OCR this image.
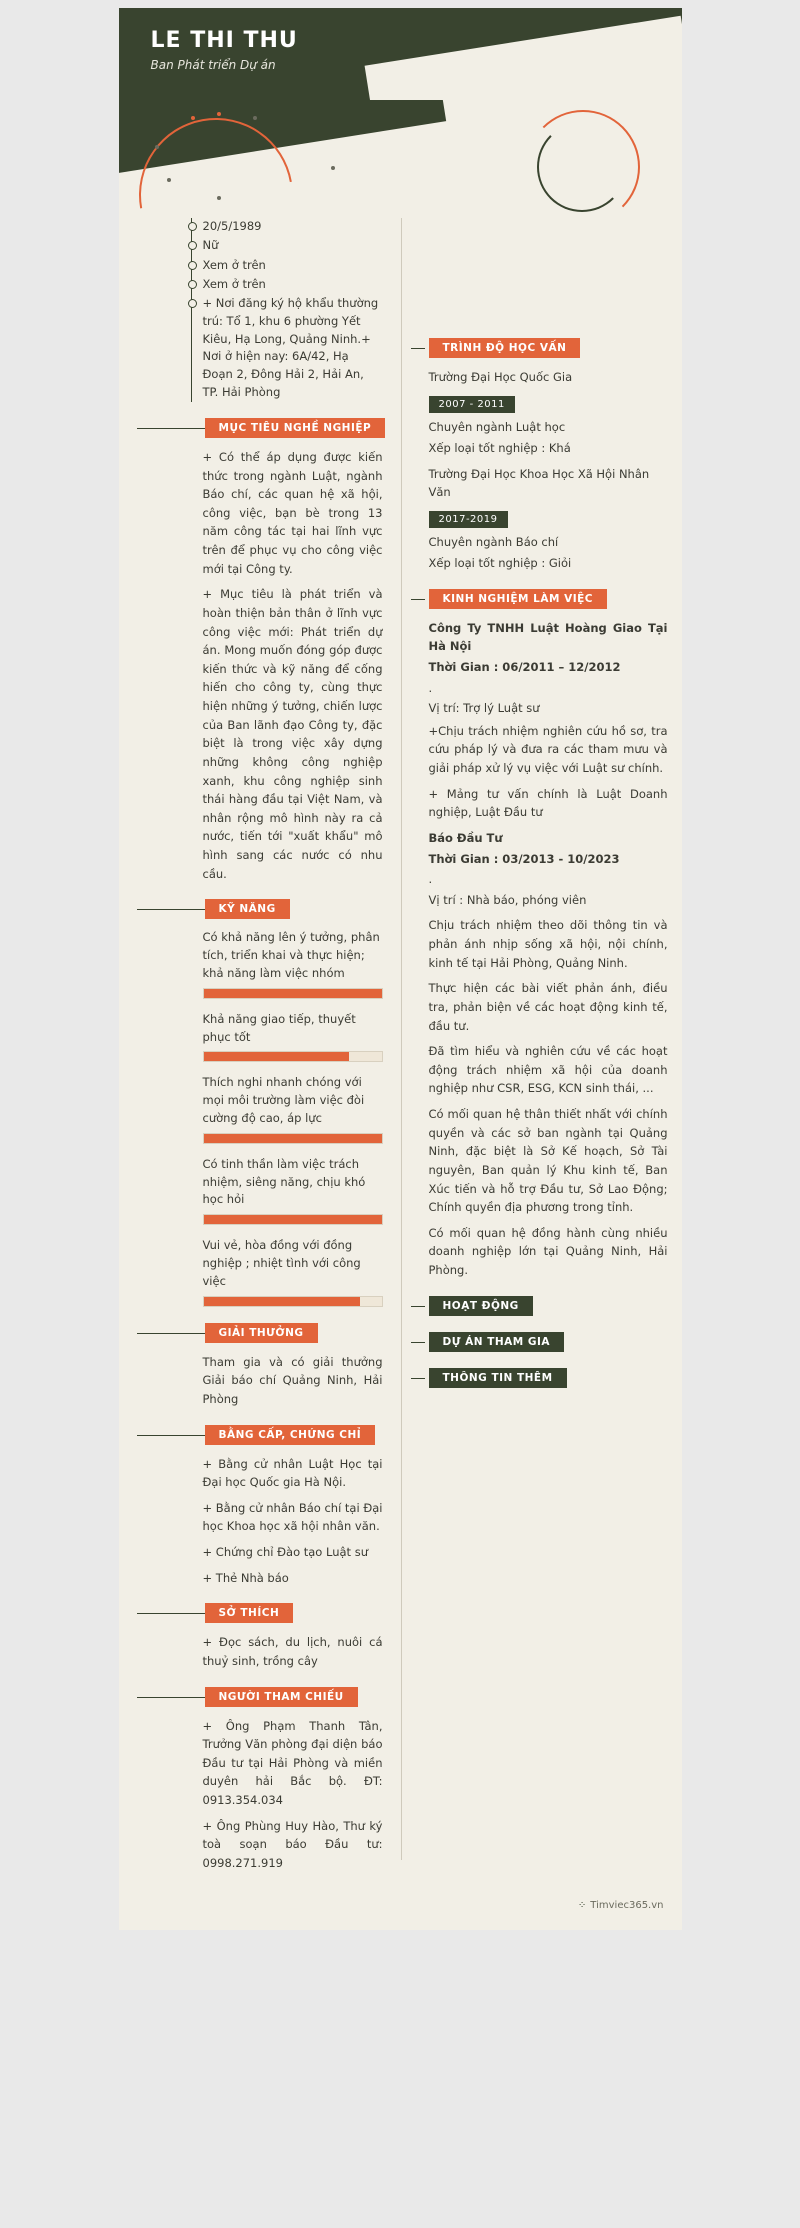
LE THI THU
Ban Phát triển Dự án
20/5/1989
Nữ
Xem ở trên
Xem ở trên
+ Nơi đăng ký hộ khẩu thường trú: Tổ 1, khu 6 phường Yết Kiêu, Hạ Long, Quảng Ninh.+ Nơi ở hiện nay: 6A/42, Hạ Đoạn 2, Đông Hải 2, Hải An, TP. Hải Phòng
MỤC TIÊU NGHỀ NGHIỆP

+ Có thể áp dụng được kiến thức trong ngành Luật, ngành Báo chí, các quan hệ xã hội, công việc, bạn bè trong 13 năm công tác tại hai lĩnh vực trên để phục vụ cho công việc mới tại Công ty.

+ Mục tiêu là phát triển và hoàn thiện bản thân ở lĩnh vực công việc mới: Phát triển dự án. Mong muốn đóng góp được kiến thức và kỹ năng để cống hiến cho công ty, cùng thực hiện những ý tưởng, chiến lược của Ban lãnh đạo Công ty, đặc biệt là trong việc xây dựng những không công nghiệp xanh, khu công nghiệp sinh thái hàng đầu tại Việt Nam, và nhân rộng mô hình này ra cả nước, tiến tới "xuất khẩu" mô hình sang các nước có nhu cầu.

KỸ NĂNG
Có khả năng lên ý tưởng, phân tích, triển khai và thực hiện; khả năng làm việc nhóm
Khả năng giao tiếp, thuyết phục tốt
Thích nghi nhanh chóng với mọi môi trường làm việc đòi cường độ cao, áp lực
Có tinh thần làm việc trách nhiệm, siêng năng, chịu khó học hỏi
Vui vẻ, hòa đồng với đồng nghiệp ; nhiệt tình với công việc
GIẢI THƯỞNG

Tham gia và có giải thưởng Giải báo chí Quảng Ninh, Hải Phòng

BẰNG CẤP, CHỨNG CHỈ

+ Bằng cử nhân Luật Học tại Đại học Quốc gia Hà Nội.

+ Bằng cử nhân Báo chí tại Đại học Khoa học xã hội nhân văn.

+ Chứng chỉ Đào tạo Luật sư

+ Thẻ Nhà báo

SỞ THÍCH

+ Đọc sách, du lịch, nuôi cá thuỷ sinh, trồng cây

NGƯỜI THAM CHIẾU

+ Ông Phạm Thanh Tân, Trưởng Văn phòng đại diện báo Đầu tư tại Hải Phòng và miền duyên hải Bắc bộ. ĐT: 0913.354.034

+ Ông Phùng Huy Hào, Thư ký toà soạn báo Đầu tư: 0998.271.919

TRÌNH ĐỘ HỌC VẤN
Trường Đại Học Quốc Gia
2007 - 2011

Chuyên ngành Luật học

Xếp loại tốt nghiệp : Khá

Trường Đại Học Khoa Học Xã Hội Nhân Văn
2017-2019

Chuyên ngành Báo chí

Xếp loại tốt nghiệp : Giỏi

KINH NGHIỆM LÀM VIỆC

Công Ty TNHH Luật Hoàng Giao Tại Hà Nội

Thời Gian : 06/2011 – 12/2012

.

Vị trí: Trợ lý Luật sư

+Chịu trách nhiệm nghiên cứu hồ sơ, tra cứu pháp lý và đưa ra các tham mưu và giải pháp xử lý vụ việc với Luật sư chính.

+ Mảng tư vấn chính là Luật Doanh nghiệp, Luật Đầu tư

Báo Đầu Tư

Thời Gian : 03/2013 - 10/2023

.

Vị trí : Nhà báo, phóng viên

Chịu trách nhiệm theo dõi thông tin và phản ánh nhịp sống xã hội, nội chính, kinh tế tại Hải Phòng, Quảng Ninh.

Thực hiện các bài viết phản ánh, điều tra, phản biện về các hoạt động kinh tế, đầu tư.

Đã tìm hiểu và nghiên cứu về các hoạt động trách nhiệm xã hội của doanh nghiệp như CSR, ESG, KCN sinh thái, ...

Có mối quan hệ thân thiết nhất với chính quyền và các sở ban ngành tại Quảng Ninh, đặc biệt là Sở Kế hoạch, Sở Tài nguyên, Ban quản lý Khu kinh tế, Ban Xúc tiến và hỗ trợ Đầu tư, Sở Lao Động; Chính quyền địa phương trong tỉnh.

Có mối quan hệ đồng hành cùng nhiều doanh nghiệp lớn tại Quảng Ninh, Hải Phòng.

HOẠT ĐỘNG
DỰ ÁN THAM GIA
THÔNG TIN THÊM
⁘ Timviec365.vn
